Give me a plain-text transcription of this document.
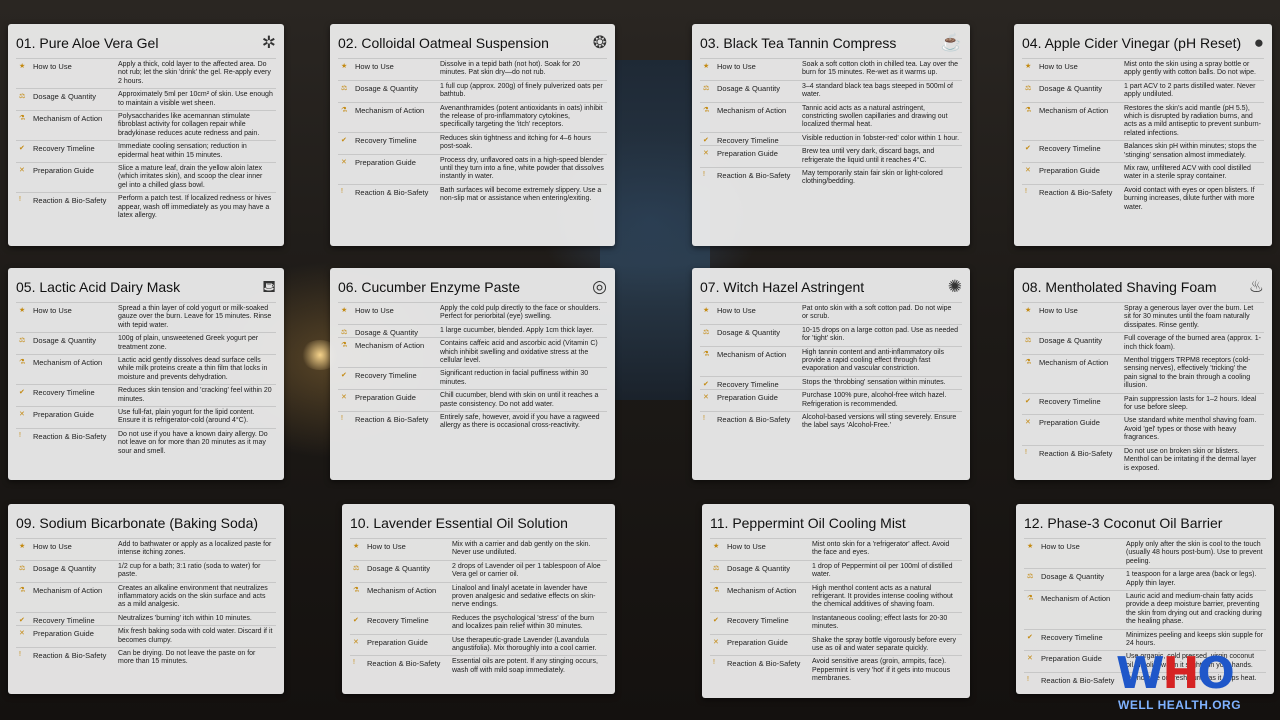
01. Pure Aloe Vera Gel	✲
★	How to Use	Apply a thick, cold layer to the affected area. Do not rub; let the skin 'drink' the gel. Re-apply every 2 hours.
⚖	Dosage & Quantity	Approximately 5ml per 10cm² of skin. Use enough to maintain a visible wet sheen.
⚗	Mechanism of Action	Polysaccharides like acemannan stimulate fibroblast activity for collagen repair while bradykinase reduces acute redness and pain.
✔	Recovery Timeline	Immediate cooling sensation; reduction in epidermal heat within 15 minutes.
✕	Preparation Guide	Slice a mature leaf, drain the yellow aloin latex (which irritates skin), and scoop the clear inner gel into a chilled glass bowl.
!	Reaction & Bio-Safety	Perform a patch test. If localized redness or hives appear, wash off immediately as you may have a latex allergy.
02. Colloidal Oatmeal Suspension	❂
★	How to Use	Dissolve in a tepid bath (not hot). Soak for 20 minutes. Pat skin dry—do not rub.
⚖	Dosage & Quantity	1 full cup (approx. 200g) of finely pulverized oats per bathtub.
⚗	Mechanism of Action	Avenanthramides (potent antioxidants in oats) inhibit the release of pro-inflammatory cytokines, specifically targeting the 'itch' receptors.
✔	Recovery Timeline	Reduces skin tightness and itching for 4–6 hours post-soak.
✕	Preparation Guide	Process dry, unflavored oats in a high-speed blender until they turn into a fine, white powder that dissolves instantly in water.
!	Reaction & Bio-Safety	Bath surfaces will become extremely slippery. Use a non-slip mat or assistance when entering/exiting.
03. Black Tea Tannin Compress	☕
★	How to Use	Soak a soft cotton cloth in chilled tea. Lay over the burn for 15 minutes. Re-wet as it warms up.
⚖	Dosage & Quantity	3–4 standard black tea bags steeped in 500ml of water.
⚗	Mechanism of Action	Tannic acid acts as a natural astringent, constricting swollen capillaries and drawing out localized thermal heat.
✔	Recovery Timeline	Visible reduction in 'lobster-red' color within 1 hour.
✕	Preparation Guide	Brew tea until very dark, discard bags, and refrigerate the liquid until it reaches 4°C.
!	Reaction & Bio-Safety	May temporarily stain fair skin or light-colored clothing/bedding.
04. Apple Cider Vinegar (pH Reset) ●
★	How to Use	Mist onto the skin using a spray bottle or apply gently with cotton balls. Do not wipe.
⚖	Dosage & Quantity	1 part ACV to 2 parts distilled water. Never apply undiluted.
⚗	Mechanism of Action	Restores the skin's acid mantle (pH 5.5), which is disrupted by radiation burns, and acts as a mild antiseptic to prevent sunburn-related infections.
✔	Recovery Timeline	Balances skin pH within minutes; stops the 'stinging' sensation almost immediately.
✕	Preparation Guide	Mix raw, unfiltered ACV with cool distilled water in a sterile spray container.
!	Reaction & Bio-Safety	Avoid contact with eyes or open blisters. If burning increases, dilute further with more water.
05. Lactic Acid Dairy Mask	⛾
★	How to Use	Spread a thin layer of cold yogurt or milk-soaked gauze over the burn. Leave for 15 minutes. Rinse with tepid water.
⚖	Dosage & Quantity	100g of plain, unsweetened Greek yogurt per treatment zone.
⚗	Mechanism of Action	Lactic acid gently dissolves dead surface cells while milk proteins create a thin film that locks in moisture and prevents dehydration.
✔	Recovery Timeline	Reduces skin tension and 'cracking' feel within 20 minutes.
✕	Preparation Guide	Use full-fat, plain yogurt for the lipid content. Ensure it is refrigerator-cold (around 4°C).
!	Reaction & Bio-Safety	Do not use if you have a known dairy allergy. Do not leave on for more than 20 minutes as it may sour and smell.
06. Cucumber Enzyme Paste	◎
★	How to Use	Apply the cold pulp directly to the face or shoulders. Perfect for periorbital (eye) swelling.
⚖	Dosage & Quantity	1 large cucumber, blended. Apply 1cm thick layer.
⚗	Mechanism of Action	Contains caffeic acid and ascorbic acid (Vitamin C) which inhibit swelling and oxidative stress at the cellular level.
✔	Recovery Timeline	Significant reduction in facial puffiness within 30 minutes.
✕	Preparation Guide	Chill cucumber, blend with skin on until it reaches a paste consistency. Do not add water.
!	Reaction & Bio-Safety	Entirely safe, however, avoid if you have a ragweed allergy as there is occasional cross-reactivity.
07. Witch Hazel Astringent	✺
★	How to Use	Pat onto skin with a soft cotton pad. Do not wipe or scrub.
⚖	Dosage & Quantity	10-15 drops on a large cotton pad. Use as needed for 'tight' skin.
⚗	Mechanism of Action	High tannin content and anti-inflammatory oils provide a rapid cooling effect through fast evaporation and vascular constriction.
✔	Recovery Timeline	Stops the 'throbbing' sensation within minutes.
✕	Preparation Guide	Purchase 100% pure, alcohol-free witch hazel. Refrigeration is recommended.
!	Reaction & Bio-Safety	Alcohol-based versions will sting severely. Ensure the label says 'Alcohol-Free.'
08. Mentholated Shaving Foam ♨
★	How to Use	Spray a generous layer over the burn. Let sit for 30 minutes until the foam naturally dissipates. Rinse gently.
⚖	Dosage & Quantity	Full coverage of the burned area (approx. 1-inch thick foam).
⚗	Mechanism of Action	Menthol triggers TRPM8 receptors (cold-sensing nerves), effectively 'tricking' the pain signal to the brain through a cooling illusion.
✔	Recovery Timeline	Pain suppression lasts for 1–2 hours. Ideal for use before sleep.
✕	Preparation Guide	Use standard white menthol shaving foam. Avoid 'gel' types or those with heavy fragrances.
!	Reaction & Bio-Safety	Do not use on broken skin or blisters. Menthol can be irritating if the dermal layer is exposed.
09. Sodium Bicarbonate (Baking Soda)
★	How to Use	Add to bathwater or apply as a localized paste for intense itching zones.
⚖	Dosage & Quantity	1/2 cup for a bath; 3:1 ratio (soda to water) for paste.
⚗	Mechanism of Action	Creates an alkaline environment that neutralizes inflammatory acids on the skin surface and acts as a mild analgesic.
✔	Recovery Timeline	Neutralizes 'burning' itch within 10 minutes.
✕	Preparation Guide	Mix fresh baking soda with cold water. Discard if it becomes clumpy.
!	Reaction & Bio-Safety	Can be drying. Do not leave the paste on for more than 15 minutes.
10. Lavender Essential Oil Solution
★	How to Use	Mix with a carrier and dab gently on the skin. Never use undiluted.
⚖	Dosage & Quantity	2 drops of Lavender oil per 1 tablespoon of Aloe Vera gel or carrier oil.
⚗	Mechanism of Action	Linalool and linalyl acetate in lavender have proven analgesic and sedative effects on skin-nerve endings.
✔	Recovery Timeline	Reduces the psychological 'stress' of the burn and localizes pain relief within 30 minutes.
✕	Preparation Guide	Use therapeutic-grade Lavender (Lavandula angustifolia). Mix thoroughly into a cool carrier.
!	Reaction & Bio-Safety	Essential oils are potent. If any stinging occurs, wash off with mild soap immediately.
11. Peppermint Oil Cooling Mist
★	How to Use	Mist onto skin for a 'refrigerator' affect. Avoid the face and eyes.
⚖	Dosage & Quantity	1 drop of Peppermint oil per 100ml of distilled water.
⚗	Mechanism of Action	High menthol content acts as a natural refrigerant. It provides intense cooling without the chemical additives of shaving foam.
✔	Recovery Timeline	Instantaneous cooling; effect lasts for 20-30 minutes.
✕	Preparation Guide	Shake the spray bottle vigorously before every use as oil and water separate quickly.
!	Reaction & Bio-Safety	Avoid sensitive areas (groin, armpits, face). Peppermint is very 'hot' if it gets into mucous membranes.
12. Phase-3 Coconut Oil Barrier
★	How to Use	Apply only after the skin is cool to the touch (usually 48 hours post-burn). Use to prevent peeling.
⚖	Dosage & Quantity	1 teaspoon for a large area (back or legs). Apply thin layer.
⚗	Mechanism of Action	Lauric acid and medium-chain fatty acids provide a deep moisture barrier, preventing the skin from drying out and cracking during the healing phase.
✔	Recovery Timeline	Minimizes peeling and keeps skin supple for 24 hours.
✕	Preparation Guide	Use organic, cold pressed, virgin coconut oil. If solid, warm it slightly in your hands.
!	Reaction & Bio-Safety	Do not use on fresh burns as it traps heat.
WHO
WELL HEALTH.ORG
